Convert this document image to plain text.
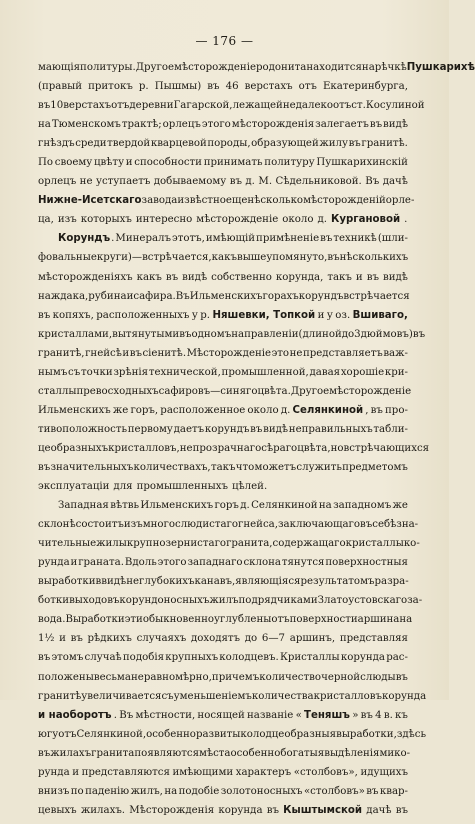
— 176 —
мающія политуры. Другое мѣсторожденіе родонита находится на рѣчкѣ Пушкарихѣ
(правый притокъ р. Пышмы) въ 46 верстахъ отъ Екатеринбурга,
въ 10 верстахъ отъ деревни Гагарской, лежащей недалеко отъ ст. Косулиной
на Тюменскомъ трактѣ; орлецъ этого мѣсторожденія залегаетъ въ видѣ
гнѣздъ среди твердой кварцевой породы, образующей жилу въ гранитѣ.
По своему цвѣту и способности принимать политуру Пушкарихинскій
орлецъ не уступаетъ добываемому въ д. М. Сѣдельниковой. Въ дачѣ
Нижне-Исетскаго завода извѣстно еще нѣсколько мѣсторожденій орле-
ца, изъ которыхъ интересно мѣсторожденіе около д. Кургановой .
Корундъ . Минералъ этотъ, имѣющій примѣненіе въ техникѣ (шли-
фовальные круги) — встрѣчается, какъ выше упомянуто, въ нѣсколькихъ
мѣсторожденіяхъ какъ въ видѣ собственно корунда, такъ и въ видѣ
наждака, рубина и сафира. Въ Ильменскихъ горахъ корундъ встрѣчается
въ копяхъ, расположенныхъ у р. Няшевки, Топкой и у оз. Вшиваго,
кристаллами, вытянутыми въ одномъ направленіи (длиной до 3 дюймовъ) въ
гранитѣ, гнейсѣ и въ сіенитѣ. Мѣсторожденіе это не представляетъ важ-
нымъ съ точки зрѣнія технической, промышленной, давая хорошіе кри-
сталлы превосходныхъ сафировъ — синяго цвѣта. Другое мѣсторожденіе
Ильменскихъ же горъ, расположенное около д. Селянкиной , въ про-
тивоположность первому даетъ корундъ въ видѣ неправильныхъ табли-
цеобразныхъ кристалловъ, непрозрачнаго сѣраго цвѣта, но встрѣчающихся
въ значительныхъ количествахъ, такъ что можетъ служить предметомъ
эксплуатаціи для промышленныхъ цѣлей.
Западная вѣтвь Ильменскихъ горъ д. Селянкиной на западномъ же
склонѣ состоитъ изъ многослюдистаго гнейса, заключающаго въ себѣ зна-
чительные жилы крупнозернистаго гранита, содержащаго кристаллы ко-
рунда и граната. Вдоль этого западнаго склона тянутся поверхностныя
выработки ввидѣ неглубокихъ канавъ, являющіяся результатомъ разра-
ботки выходовъ корундоносныхъ жилъ подрядчиками Златоустовскаго за-
вода. Выработки эти обыкновенно углублены отъ поверхности аршина на
1½ и въ рѣдкихъ случаяхъ доходятъ до 6—7 аршинъ, представляя
въ этомъ случаѣ подобія крупныхъ колодцевъ. Кристаллы корунда рас-
положены весьма неравномѣрно, причемъ количество черной слюды въ
гранитѣ увеличивается съ уменьшеніемъ количества кристалловъ корунда
и наоборотъ . Въ мѣстности, носящей названіе « Теняшъ » въ 4 в. къ
югу отъ Селянкиной, особенно развиты колодцеобразныя выработки, здѣсь
въ жилахъ гранита появляются мѣста особенно богатыя выдѣленіями ко-
рунда и представляются имѣющими характеръ «столбовъ», идущихъ
внизъ по паденію жилъ, на подобіе золотоносныхъ «столбовъ» въ квар-
цевыхъ жилахъ. Мѣсторожденія корунда въ Кыштымской дачѣ въ
